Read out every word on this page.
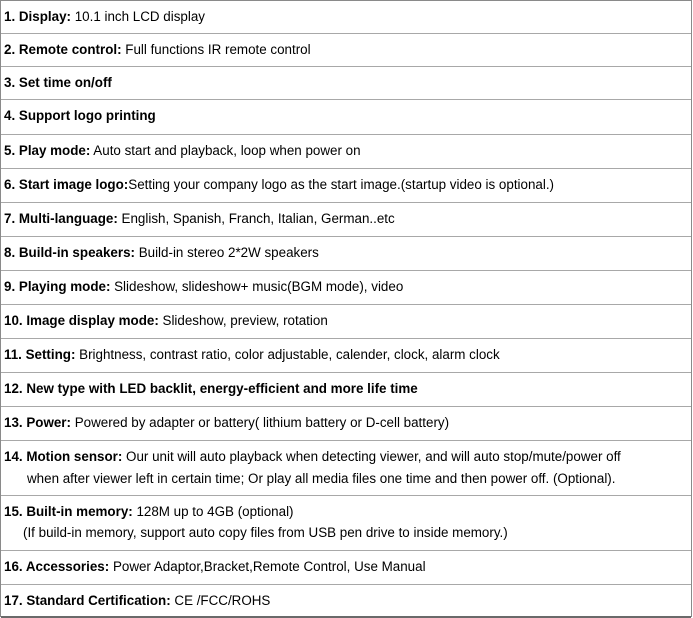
1. Display: 10.1 inch LCD display
2. Remote control: Full functions IR remote control
3. Set time on/off
4. Support logo printing
5. Play mode: Auto start and playback, loop when power on
6. Start image logo:Setting your company logo as the start image.(startup video is optional.)
7. Multi-language: English, Spanish, Franch, Italian, German..etc
8. Build-in speakers: Build-in stereo 2*2W speakers
9. Playing mode: Slideshow, slideshow+ music(BGM mode), video
10. Image display mode: Slideshow, preview, rotation
11. Setting: Brightness, contrast ratio, color adjustable, calender, clock, alarm clock
12. New type with LED backlit, energy-efficient and more life time
13. Power: Powered by adapter or battery( lithium battery or D-cell battery)
14. Motion sensor: Our unit will auto playback when detecting viewer, and will auto stop/mute/power off
when after viewer left in certain time; Or play all media files one time and then power off. (Optional).
15. Built-in memory: 128M up to 4GB (optional)
(If build-in memory, support auto copy files from USB pen drive to inside memory.)
16. Accessories: Power Adaptor,Bracket,Remote Control, Use Manual
17. Standard Certification: CE /FCC/ROHS
